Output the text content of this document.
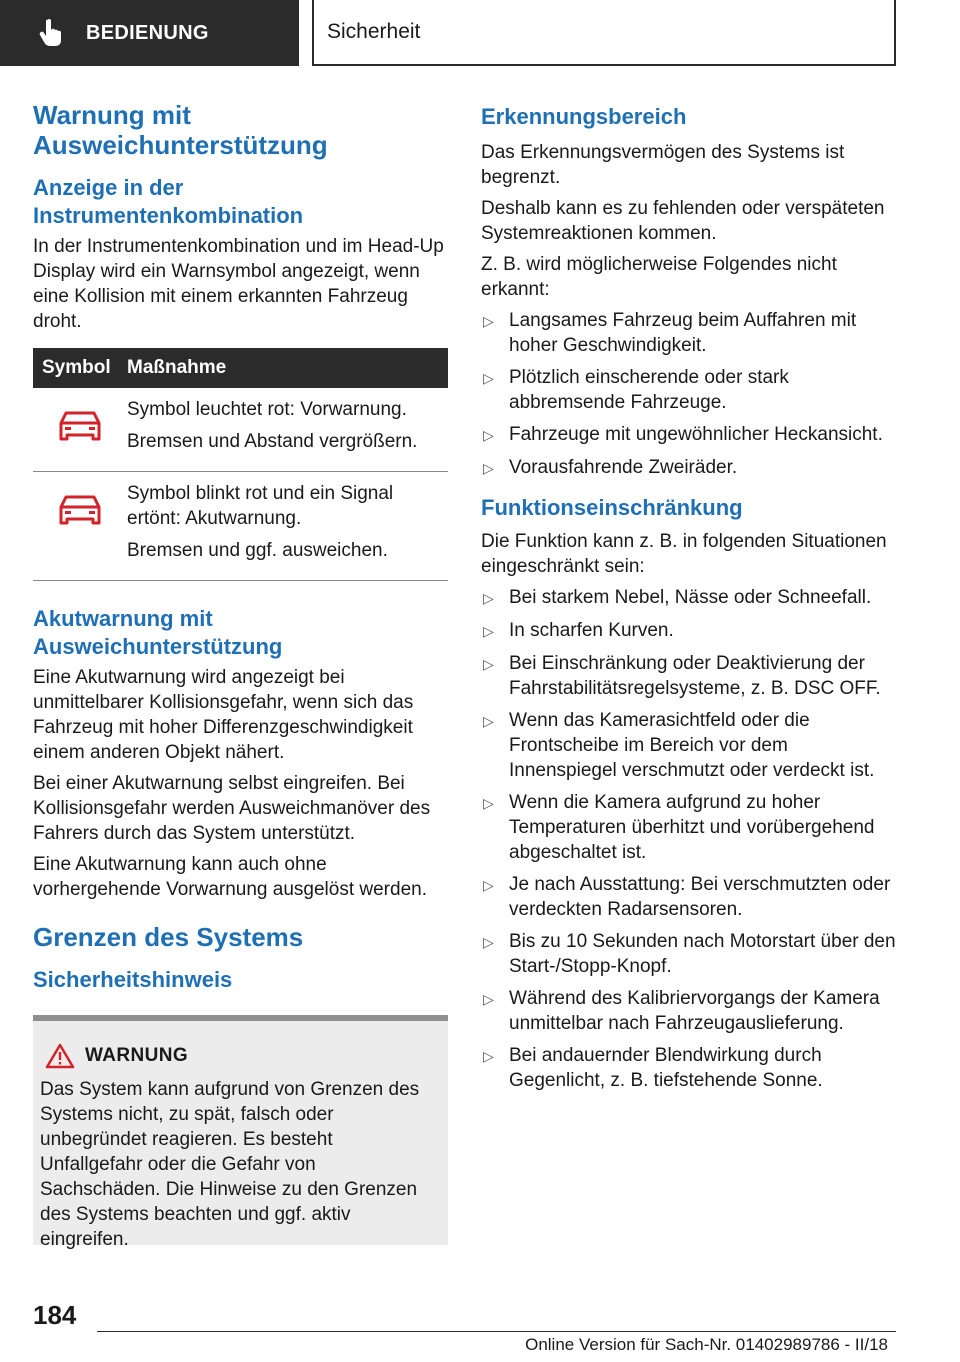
BEDIENUNG	Sicherheit
Warnung mit Ausweichunterstützung
Anzeige in der Instrumentenkombination

In der Instrumentenkombination und im Head-Up Display wird ein Warnsymbol angezeigt, wenn eine Kollision mit einem erkannten Fahrzeug droht.

Symbol Maßnahme

Symbol leuchtet rot: Vorwarnung.

Bremsen und Abstand vergrößern.

Symbol blinkt rot und ein Signal ertönt: Akutwarnung.

Bremsen und ggf. ausweichen.

Akutwarnung mit Ausweichunterstützung

Eine Akutwarnung wird angezeigt bei unmittelbarer Kollisionsgefahr, wenn sich das Fahrzeug mit hoher Differenzgeschwindigkeit einem anderen Objekt nähert.

Bei einer Akutwarnung selbst eingreifen. Bei Kollisionsgefahr werden Ausweichmanöver des Fahrers durch das System unterstützt.

Eine Akutwarnung kann auch ohne vorhergehende Vorwarnung ausgelöst werden.

Grenzen des Systems
Sicherheitshinweis
WARNUNG

Das System kann aufgrund von Grenzen des Systems nicht, zu spät, falsch oder unbegründet reagieren. Es besteht Unfallgefahr oder die Gefahr von Sachschäden. Die Hinweise zu den Grenzen des Systems beachten und ggf. aktiv eingreifen.

Erkennungsbereich

Das Erkennungsvermögen des Systems ist begrenzt.

Deshalb kann es zu fehlenden oder verspäteten Systemreaktionen kommen.

Z. B. wird möglicherweise Folgendes nicht erkannt:

▷ Langsames Fahrzeug beim Auffahren mit hoher Geschwindigkeit.
▷ Plötzlich einscherende oder stark abbremsende Fahrzeuge.
▷ Fahrzeuge mit ungewöhnlicher Heckansicht.
▷ Vorausfahrende Zweiräder.
Funktionseinschränkung

Die Funktion kann z. B. in folgenden Situationen eingeschränkt sein:

▷ Bei starkem Nebel, Nässe oder Schneefall.
▷ In scharfen Kurven.
▷ Bei Einschränkung oder Deaktivierung der Fahrstabilitätsregelsysteme, z. B. DSC OFF.
▷ Wenn das Kamerasichtfeld oder die Frontscheibe im Bereich vor dem Innenspiegel verschmutzt oder verdeckt ist.
▷ Wenn die Kamera aufgrund zu hoher Temperaturen überhitzt und vorübergehend abgeschaltet ist.
▷ Je nach Ausstattung: Bei verschmutzten oder verdeckten Radarsensoren.
▷ Bis zu 10 Sekunden nach Motorstart über den Start-/Stopp-Knopf.
▷ Während des Kalibriervorgangs der Kamera unmittelbar nach Fahrzeugauslieferung.
▷ Bei andauernder Blendwirkung durch Gegenlicht, z. B. tiefstehende Sonne.
184
Online Version für Sach-Nr. 01402989786 - II/18
